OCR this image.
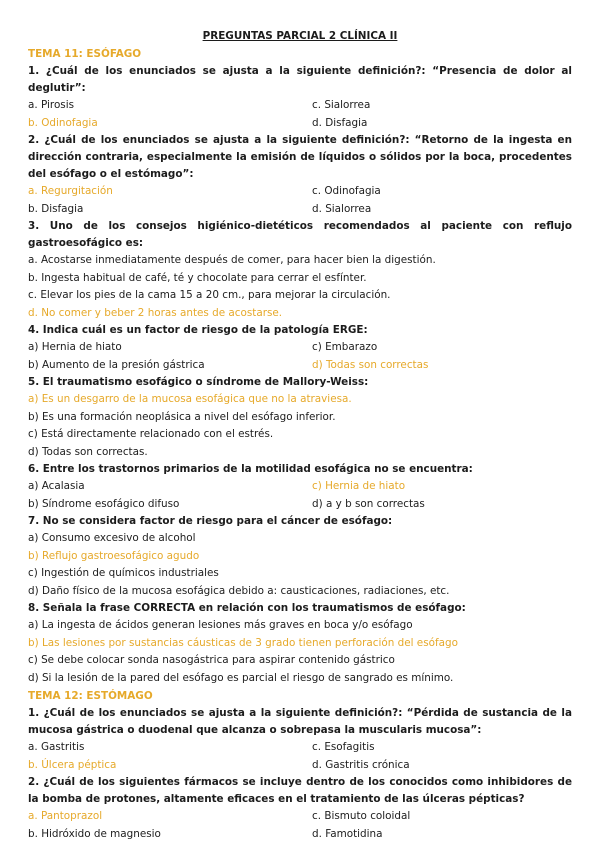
PREGUNTAS PARCIAL 2 CLÍNICA II

TEMA 11: ESÓFAGO

1. ¿Cuál de los enunciados se ajusta a la siguiente definición?: “Presencia de dolor al deglutir”:

a. Pirosis	c. Sialorrea
b. Odinofagia	d. Disfagia

2. ¿Cuál de los enunciados se ajusta a la siguiente definición?: “Retorno de la ingesta en dirección contraria, especialmente la emisión de líquidos o sólidos por la boca, procedentes del esófago o el estómago”:

a. Regurgitación	c. Odinofagia
b. Disfagia	d. Sialorrea

3. Uno de los consejos higiénico-dietéticos recomendados al paciente con reflujo gastroesofágico es:

a. Acostarse inmediatamente después de comer, para hacer bien la digestión.

b. Ingesta habitual de café, té y chocolate para cerrar el esfínter.

c. Elevar los pies de la cama 15 a 20 cm., para mejorar la circulación.

d. No comer y beber 2 horas antes de acostarse.

4. Indica cuál es un factor de riesgo de la patología ERGE:

a) Hernia de hiato	c) Embarazo
b) Aumento de la presión gástrica	d) Todas son correctas

5. El traumatismo esofágico o síndrome de Mallory-Weiss:

a) Es un desgarro de la mucosa esofágica que no la atraviesa.

b) Es una formación neoplásica a nivel del esófago inferior.

c) Está directamente relacionado con el estrés.

d) Todas son correctas.

6. Entre los trastornos primarios de la motilidad esofágica no se encuentra:

a) Acalasia	c) Hernia de hiato
b) Síndrome esofágico difuso	d) a y b son correctas

7. No se considera factor de riesgo para el cáncer de esófago:

a) Consumo excesivo de alcohol

b) Reflujo gastroesofágico agudo

c) Ingestión de químicos industriales

d) Daño físico de la mucosa esofágica debido a: causticaciones, radiaciones, etc.

8. Señala la frase CORRECTA en relación con los traumatismos de esófago:

a) La ingesta de ácidos generan lesiones más graves en boca y/o esófago

b) Las lesiones por sustancias cáusticas de 3 grado tienen perforación del esófago

c) Se debe colocar sonda nasogástrica para aspirar contenido gástrico

d) Si la lesión de la pared del esófago es parcial el riesgo de sangrado es mínimo.

TEMA 12: ESTÓMAGO

1. ¿Cuál de los enunciados se ajusta a la siguiente definición?: “Pérdida de sustancia de la mucosa gástrica o duodenal que alcanza o sobrepasa la muscularis mucosa”:

a. Gastritis	c. Esofagitis
b. Úlcera péptica	d. Gastritis crónica

2. ¿Cuál de los siguientes fármacos se incluye dentro de los conocidos como inhibidores de la bomba de protones, altamente eficaces en el tratamiento de las úlceras pépticas?

a. Pantoprazol	c. Bismuto coloidal
b. Hidróxido de magnesio	d. Famotidina
